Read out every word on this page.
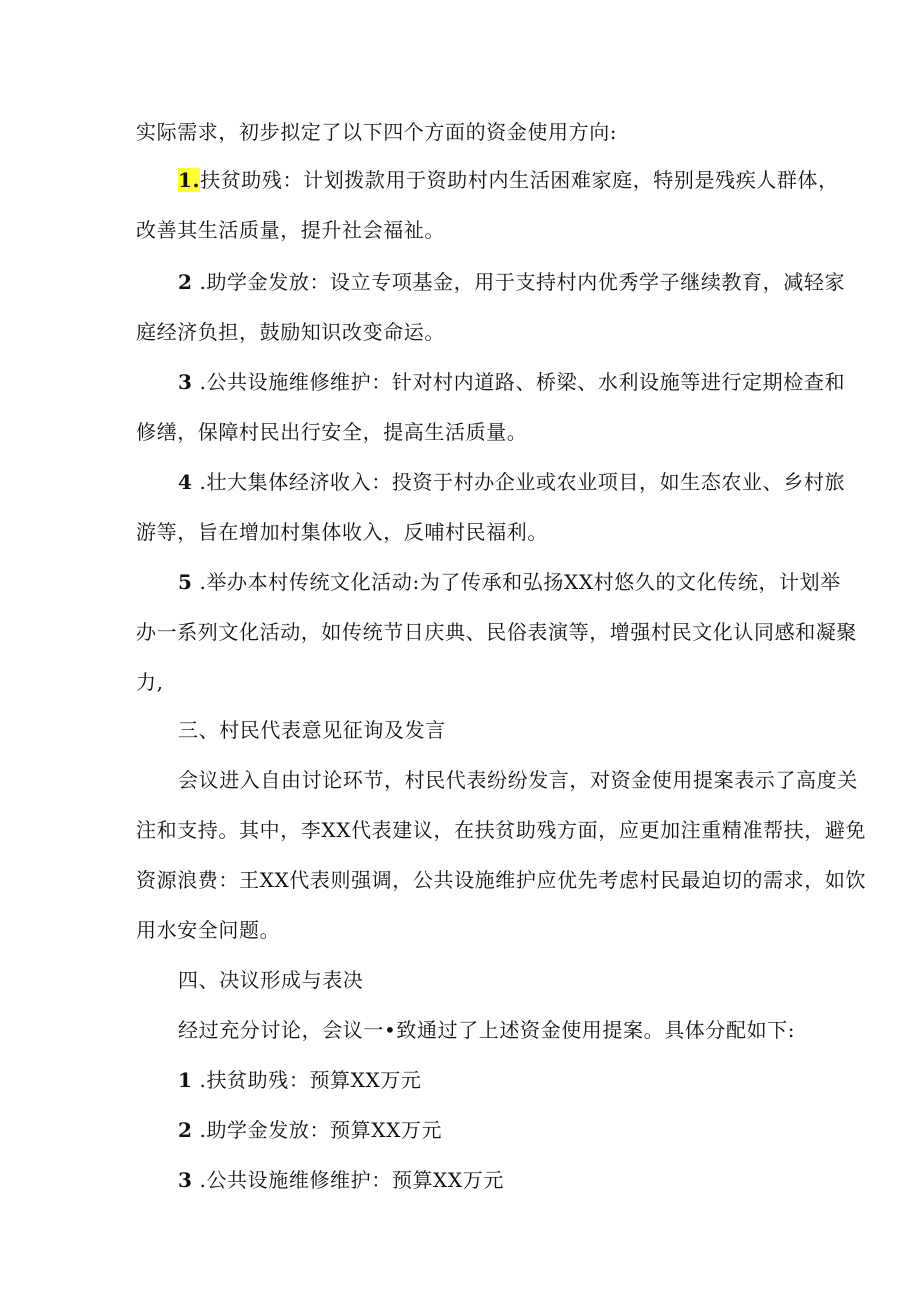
实际需求，初步拟定了以下四个方面的资金使用方向:
1.扶贫助残：计划拨款用于资助村内生活困难家庭，特别是残疾人群体，
改善其生活质量，提升社会福祉。
2 .助学金发放：设立专项基金，用于支持村内优秀学子继续教育，减轻家
庭经济负担，鼓励知识改变命运。
3 .公共设施维修维护：针对村内道路、桥梁、水利设施等进行定期检查和
修缮，保障村民出行安全，提高生活质量。
4 .壮大集体经济收入：投资于村办企业或农业项目，如生态农业、乡村旅
游等，旨在增加村集体收入，反哺村民福利。
5 .举办本村传统文化活动:为了传承和弘扬XX村悠久的文化传统，计划举
办一系列文化活动，如传统节日庆典、民俗表演等，增强村民文化认同感和凝聚
力,
三、村民代表意见征询及发言
会议进入自由讨论环节，村民代表纷纷发言，对资金使用提案表示了高度关
注和支持。其中，李XX代表建议，在扶贫助残方面，应更加注重精准帮扶，避免
资源浪费：王XX代表则强调，公共设施维护应优先考虑村民最迫切的需求，如饮
用水安全问题。
四、决议形成与表决
经过充分讨论，会议一•致通过了上述资金使用提案。具体分配如下:
1 .扶贫助残：预算XX万元
2 .助学金发放：预算XX万元
3 .公共设施维修维护：预算XX万元
